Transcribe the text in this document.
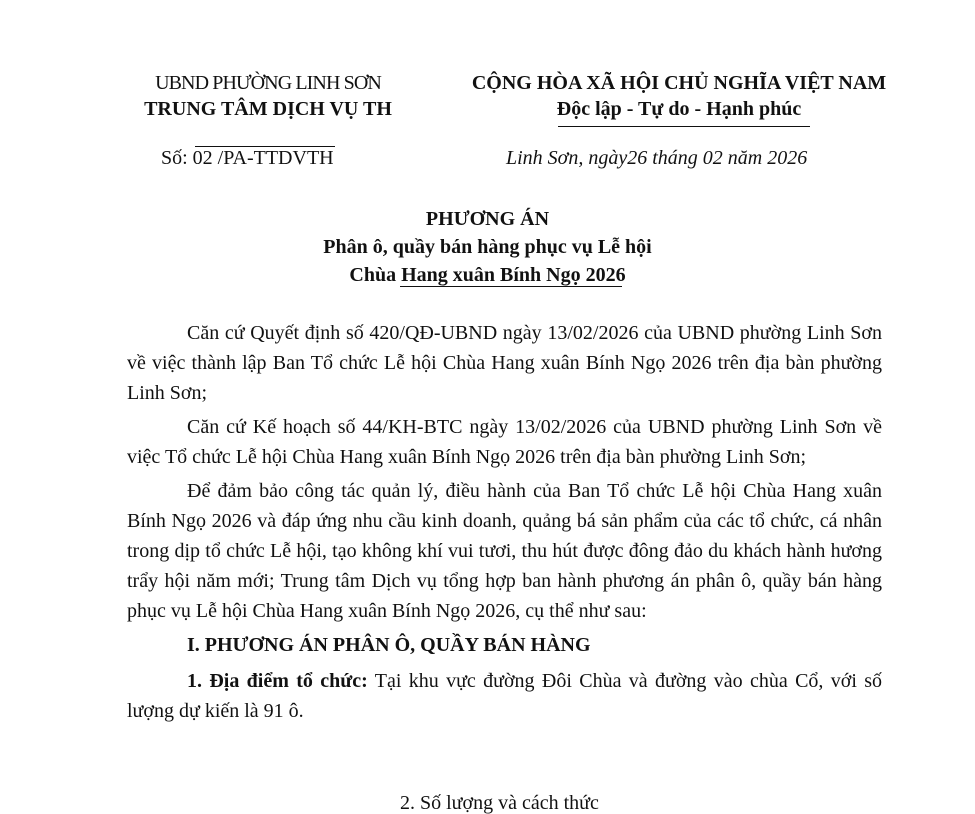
UBND PHƯỜNG LINH SƠN
TRUNG TÂM DỊCH VỤ TH
CỘNG HÒA XÃ HỘI CHỦ NGHĨA VIỆT NAM
Độc lập - Tự do - Hạnh phúc
Số: 02 /PA-TTDVTH	Linh Sơn, ngày26 tháng 02 năm 2026
PHƯƠNG ÁN
Phân ô, quầy bán hàng phục vụ Lễ hội
Chùa Hang xuân Bính Ngọ 2026

Căn cứ Quyết định số 420/QĐ-UBND ngày 13/02/2026 của UBND phường Linh Sơn về việc thành lập Ban Tổ chức Lễ hội Chùa Hang xuân Bính Ngọ 2026 trên địa bàn phường Linh Sơn;

Căn cứ Kế hoạch số 44/KH-BTC ngày 13/02/2026 của UBND phường Linh Sơn về việc Tổ chức Lễ hội Chùa Hang xuân Bính Ngọ 2026 trên địa bàn phường Linh Sơn;

Để đảm bảo công tác quản lý, điều hành của Ban Tổ chức Lễ hội Chùa Hang xuân Bính Ngọ 2026 và đáp ứng nhu cầu kinh doanh, quảng bá sản phẩm của các tổ chức, cá nhân trong dịp tổ chức Lễ hội, tạo không khí vui tươi, thu hút được đông đảo du khách hành hương trẩy hội năm mới; Trung tâm Dịch vụ tổng hợp ban hành phương án phân ô, quầy bán hàng phục vụ Lễ hội Chùa Hang xuân Bính Ngọ 2026, cụ thể như sau:

I. PHƯƠNG ÁN PHÂN Ô, QUẦY BÁN HÀNG

1. Địa điểm tổ chức: Tại khu vực đường Đôi Chùa và đường vào chùa Cổ, với số lượng dự kiến là 91 ô.

2. Số lượng và cách thức
